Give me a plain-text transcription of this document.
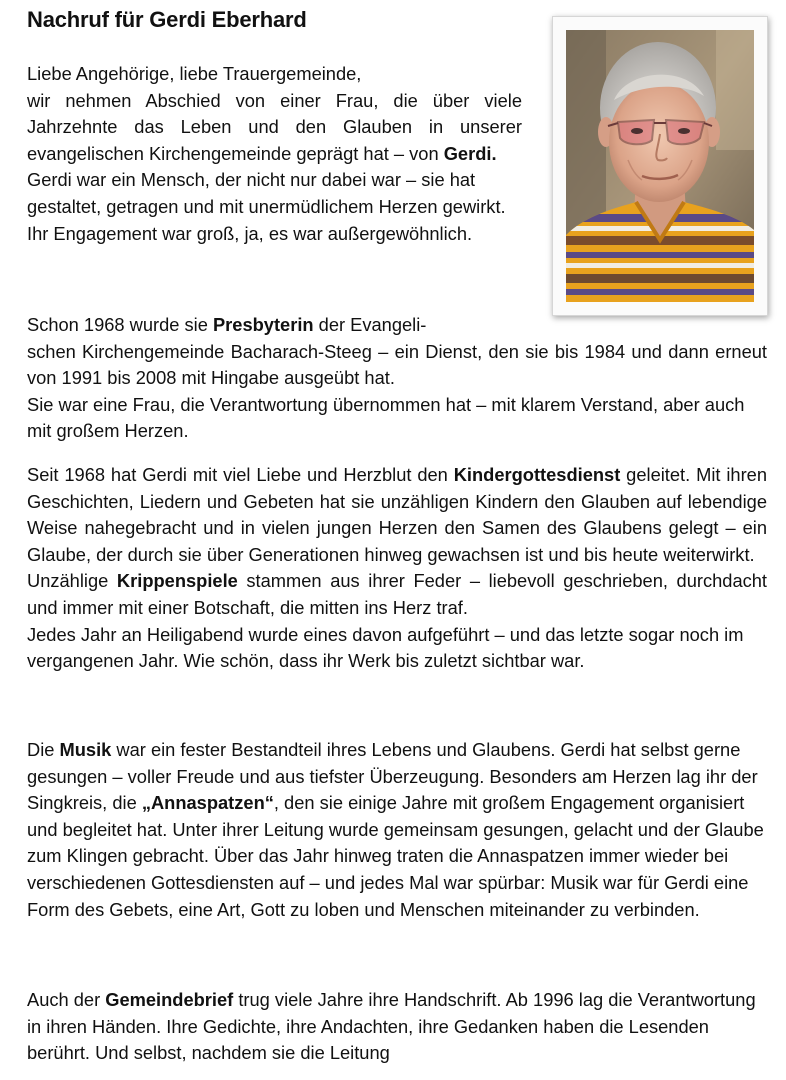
Nachruf für Gerdi Eberhard

Liebe Angehörige, liebe Trauergemeinde,
wir nehmen Abschied von einer Frau, die über viele Jahrzehnte das Leben und den Glauben in unserer evangelischen Kirchengemeinde geprägt hat – von Gerdi.
Gerdi war ein Mensch, der nicht nur dabei war – sie hat gestaltet, getragen und mit unermüdlichem Herzen gewirkt. Ihr Engagement war groß, ja, es war außergewöhnlich.

Schon 1968 wurde sie Presbyterin der Evangeli-
schen Kirchengemeinde Bacharach-Steeg – ein Dienst, den sie bis 1984 und dann erneut von 1991 bis 2008 mit Hingabe ausgeübt hat.
Sie war eine Frau, die Verantwortung übernommen hat – mit klarem Verstand, aber auch mit großem Herzen.

Seit 1968 hat Gerdi mit viel Liebe und Herzblut den Kindergottesdienst geleitet. Mit ihren Geschichten, Liedern und Gebeten hat sie unzähligen Kindern den Glauben auf lebendige Weise nahegebracht und in vielen jungen Herzen den Samen des Glaubens gelegt – ein Glaube, der durch sie über Generationen hinweg gewachsen ist und bis heute weiterwirkt.
Unzählige Krippenspiele stammen aus ihrer Feder – liebevoll geschrieben, durchdacht und immer mit einer Botschaft, die mitten ins Herz traf.
Jedes Jahr an Heiligabend wurde eines davon aufgeführt – und das letzte sogar noch im vergangenen Jahr. Wie schön, dass ihr Werk bis zuletzt sichtbar war.

Die Musik war ein fester Bestandteil ihres Lebens und Glaubens. Gerdi hat selbst gerne gesungen – voller Freude und aus tiefster Überzeugung. Besonders am Herzen lag ihr der Singkreis, die „Annaspatzen“, den sie einige Jahre mit großem Engagement organisiert und begleitet hat. Unter ihrer Leitung wurde gemeinsam gesungen, gelacht und der Glaube zum Klingen gebracht. Über das Jahr hinweg traten die Annaspatzen immer wieder bei verschiedenen Gottesdiensten auf – und jedes Mal war spürbar: Musik war für Gerdi eine Form des Gebets, eine Art, Gott zu loben und Menschen miteinander zu verbinden.

Auch der Gemeindebrief trug viele Jahre ihre Handschrift. Ab 1996 lag die Verantwortung in ihren Händen. Ihre Gedichte, ihre Andachten, ihre Gedanken haben die Lesenden berührt. Und selbst, nachdem sie die Leitung
